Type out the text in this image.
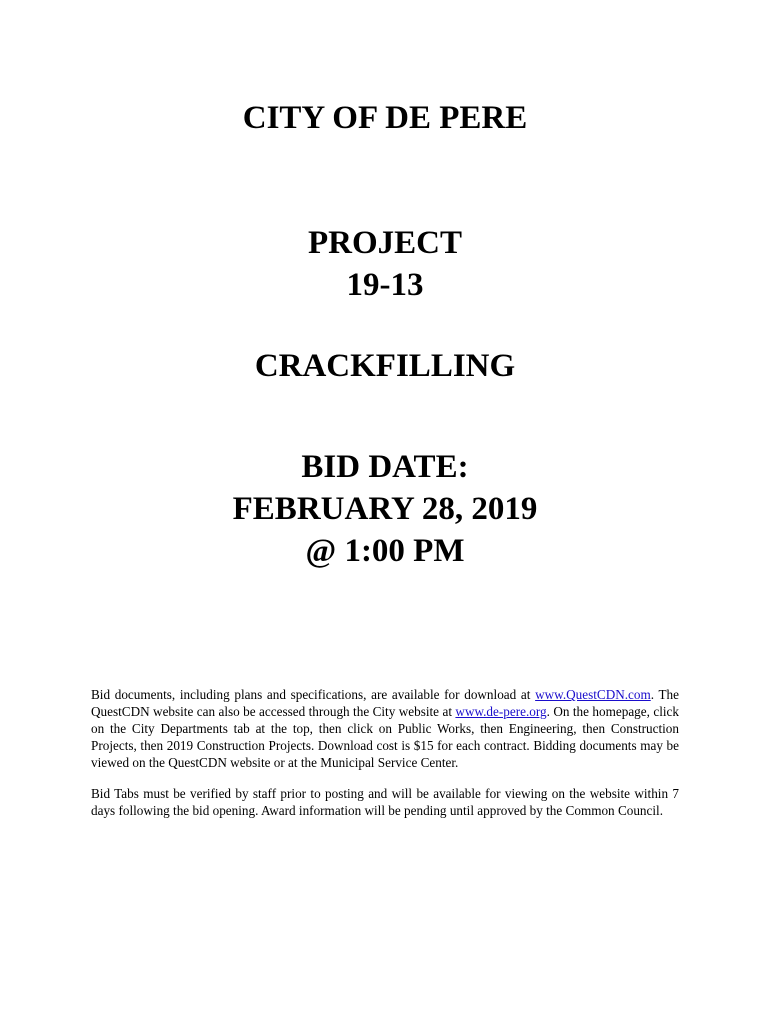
CITY OF DE PERE
PROJECT
19-13
CRACKFILLING
BID DATE:
FEBRUARY 28, 2019
@ 1:00 PM
Bid documents, including plans and specifications, are available for download at www.QuestCDN.com. The QuestCDN website can also be accessed through the City website at www.de-pere.org. On the homepage, click on the City Departments tab at the top, then click on Public Works, then Engineering, then Construction Projects, then 2019 Construction Projects. Download cost is $15 for each contract. Bidding documents may be viewed on the QuestCDN website or at the Municipal Service Center.
Bid Tabs must be verified by staff prior to posting and will be available for viewing on the website within 7 days following the bid opening. Award information will be pending until approved by the Common Council.
